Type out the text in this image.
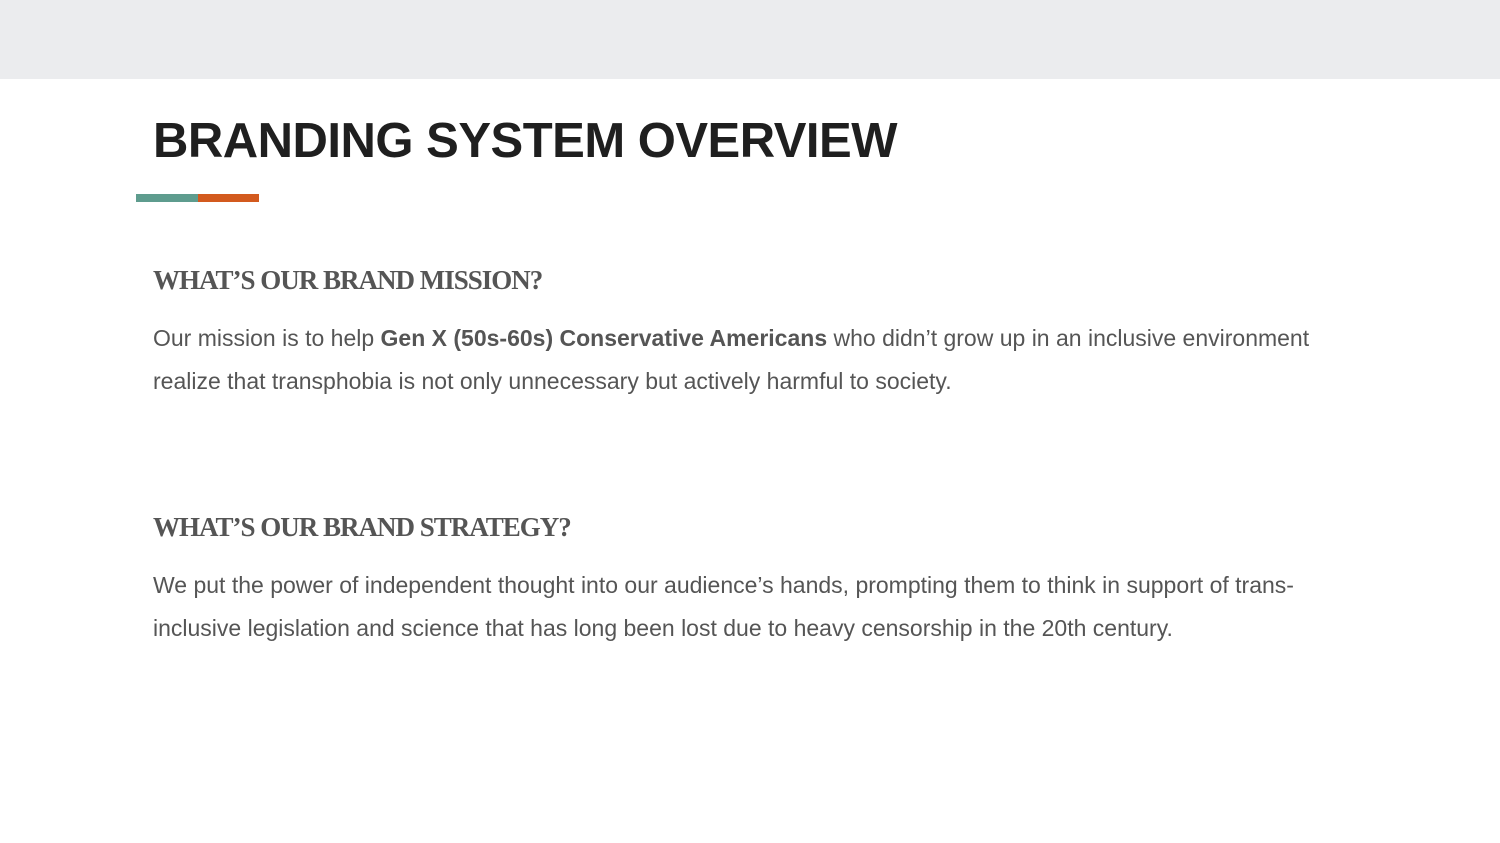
BRANDING SYSTEM OVERVIEW
WHAT’S OUR BRAND MISSION?

Our mission is to help Gen X (50s-60s) Conservative Americans who didn’t grow up in an inclusive environment realize that transphobia is not only unnecessary but actively harmful to society.

WHAT’S OUR BRAND STRATEGY?

We put the power of independent thought into our audience’s hands, prompting them to think in support of trans-inclusive legislation and science that has long been lost due to heavy censorship in the 20th century.
